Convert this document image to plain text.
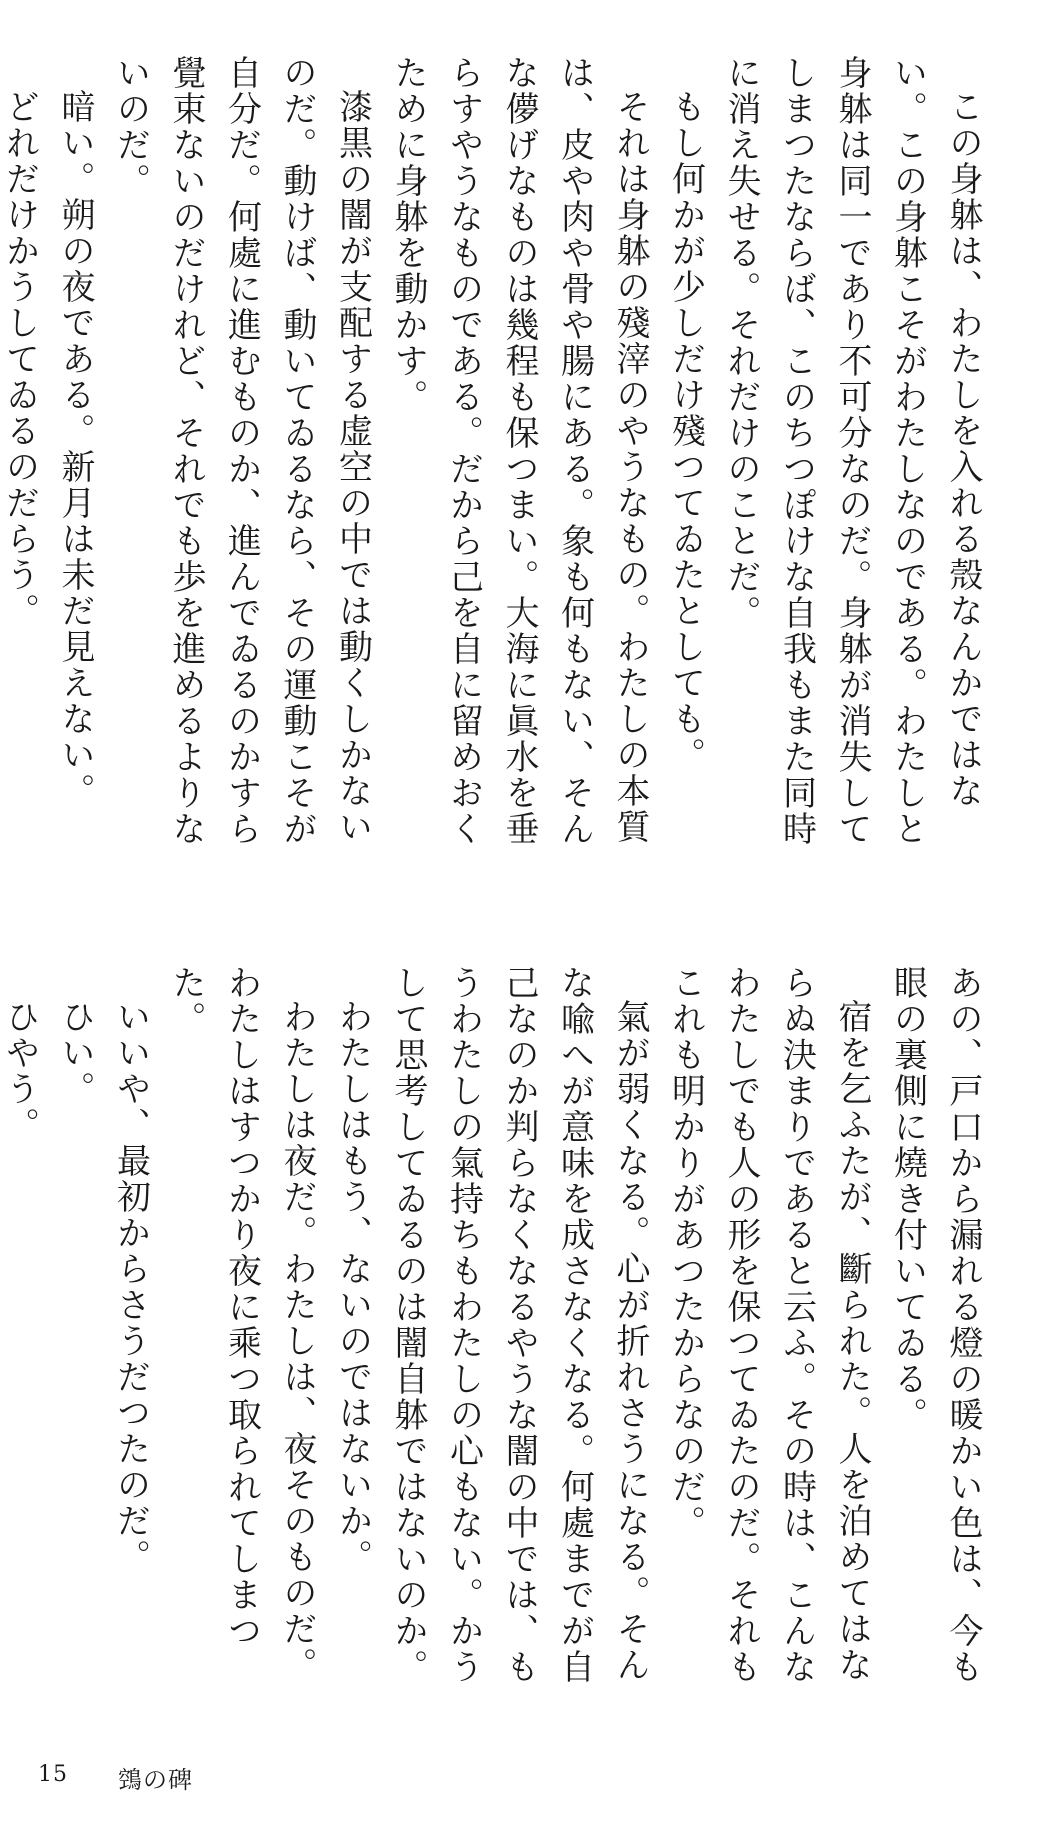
この身躰は、わたしを入れる殼なんかではない。この身躰こそがわたしなのである。わたしと身躰は同一であり不可分なのだ。身躰が消失してしまつたならば、このちつぽけな自我もまた同時に消え失せる。それだけのことだ。

もし何かが少しだけ殘つてゐたとしても。

それは身躰の殘滓のやうなもの。わたしの本質は、皮や肉や骨や腸にある。象も何もない、そんな儚げなものは幾程も保つまい。大海に眞水を垂らすやうなものである。だから己を自に留めおくために身躰を動かす。

漆黒の闇が支配する虚空の中では動くしかないのだ。動けば、動いてゐるなら、その運動こそが自分だ。何處に進むものか、進んでゐるのかすら覺束ないのだけれど、それでも歩を進めるよりないのだ。

暗い。朔の夜である。新月は未だ見えない。

どれだけかうしてゐるのだらう。

あの、戸口から漏れる燈の暖かい色は、今も眼の裏側に燒き付いてゐる。

宿を乞ふたが、斷られた。人を泊めてはならぬ決まりであると云ふ。その時は、こんなわたしでも人の形を保つてゐたのだ。それもこれも明かりがあつたからなのだ。

氣が弱くなる。心が折れさうになる。そんな喩へが意味を成さなくなる。何處までが自己なのか判らなくなるやうな闇の中では、もうわたしの氣持ちもわたしの心もない。かうして思考してゐるのは闇自躰ではないのか。

わたしはもう、ないのではないか。

わたしは夜だ。わたしは、夜そのものだ。わたしはすつかり夜に乘つ取られてしまつた。

いいや、最初からさうだつたのだ。

ひい。

ひやう。

15 鵼の碑
